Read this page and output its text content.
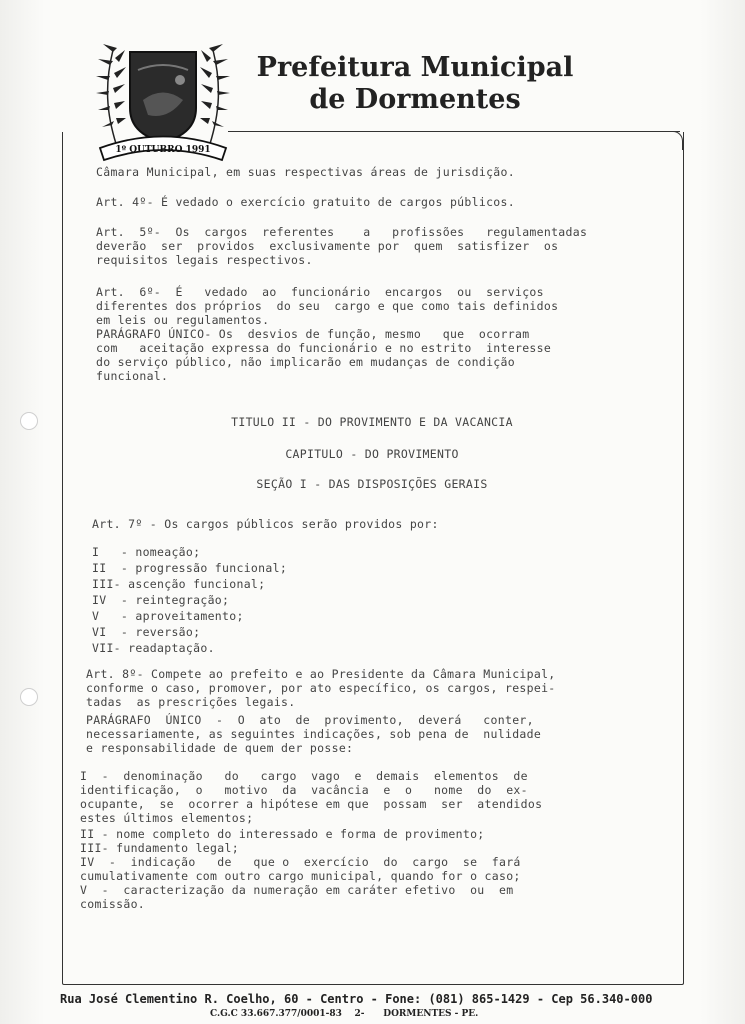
1º OUTUBRO 1991
Prefeitura Municipal
de Dormentes
Câmara Municipal, em suas respectivas áreas de jurisdição.
Art. 4º- É vedado o exercício gratuito de cargos públicos.
Art.  5º-  Os  cargos  referentes    a   profissões   regulamentadas
deverão  ser  providos  exclusivamente por  quem  satisfizer  os
requisitos legais respectivos.
Art.  6º-  É   vedado  ao  funcionário  encargos  ou  serviços
diferentes dos próprios  do seu  cargo e que como tais definidos
em leis ou regulamentos.
PARÁGRAFO ÚNICO- Os  desvios de função, mesmo   que  ocorram
com   aceitação expressa do funcionário e no estrito  interesse
do serviço público, não implicarão em mudanças de condição
funcional.
TITULO II - DO PROVIMENTO E DA VACANCIA
CAPITULO - DO PROVIMENTO
SEÇÃO I - DAS DISPOSIÇÕES GERAIS
Art. 7º - Os cargos públicos serão providos por:
I   - nomeação;
II  - progressão funcional;
III- ascenção funcional;
IV  - reintegração;
V   - aproveitamento;
VI  - reversão;
VII- readaptação.
Art. 8º- Compete ao prefeito e ao Presidente da Câmara Municipal,
conforme o caso, promover, por ato específico, os cargos, respei-
tadas  as prescrições legais.
PARÁGRAFO  ÚNICO  -  O  ato  de  provimento,  deverá   conter,
necessariamente, as seguintes indicações, sob pena de  nulidade
e responsabilidade de quem der posse:
I  -  denominação   do   cargo  vago  e  demais  elementos  de
identificação,  o   motivo  da  vacância  e  o   nome  do  ex-
ocupante,  se  ocorrer a hipótese em que  possam  ser  atendidos
estes últimos elementos;
II - nome completo do interessado e forma de provimento;
III- fundamento legal;
IV  -  indicação   de   que o  exercício  do  cargo  se  fará
cumulativamente com outro cargo municipal, quando for o caso;
V  -  caracterização da numeração em caráter efetivo  ou  em
comissão.
Rua José Clementino R. Coelho, 60 - Centro - Fone: (081) 865-1429 - Cep 56.340-000
C.G.C 33.667.377/0001-83 2- DORMENTES - PE.
